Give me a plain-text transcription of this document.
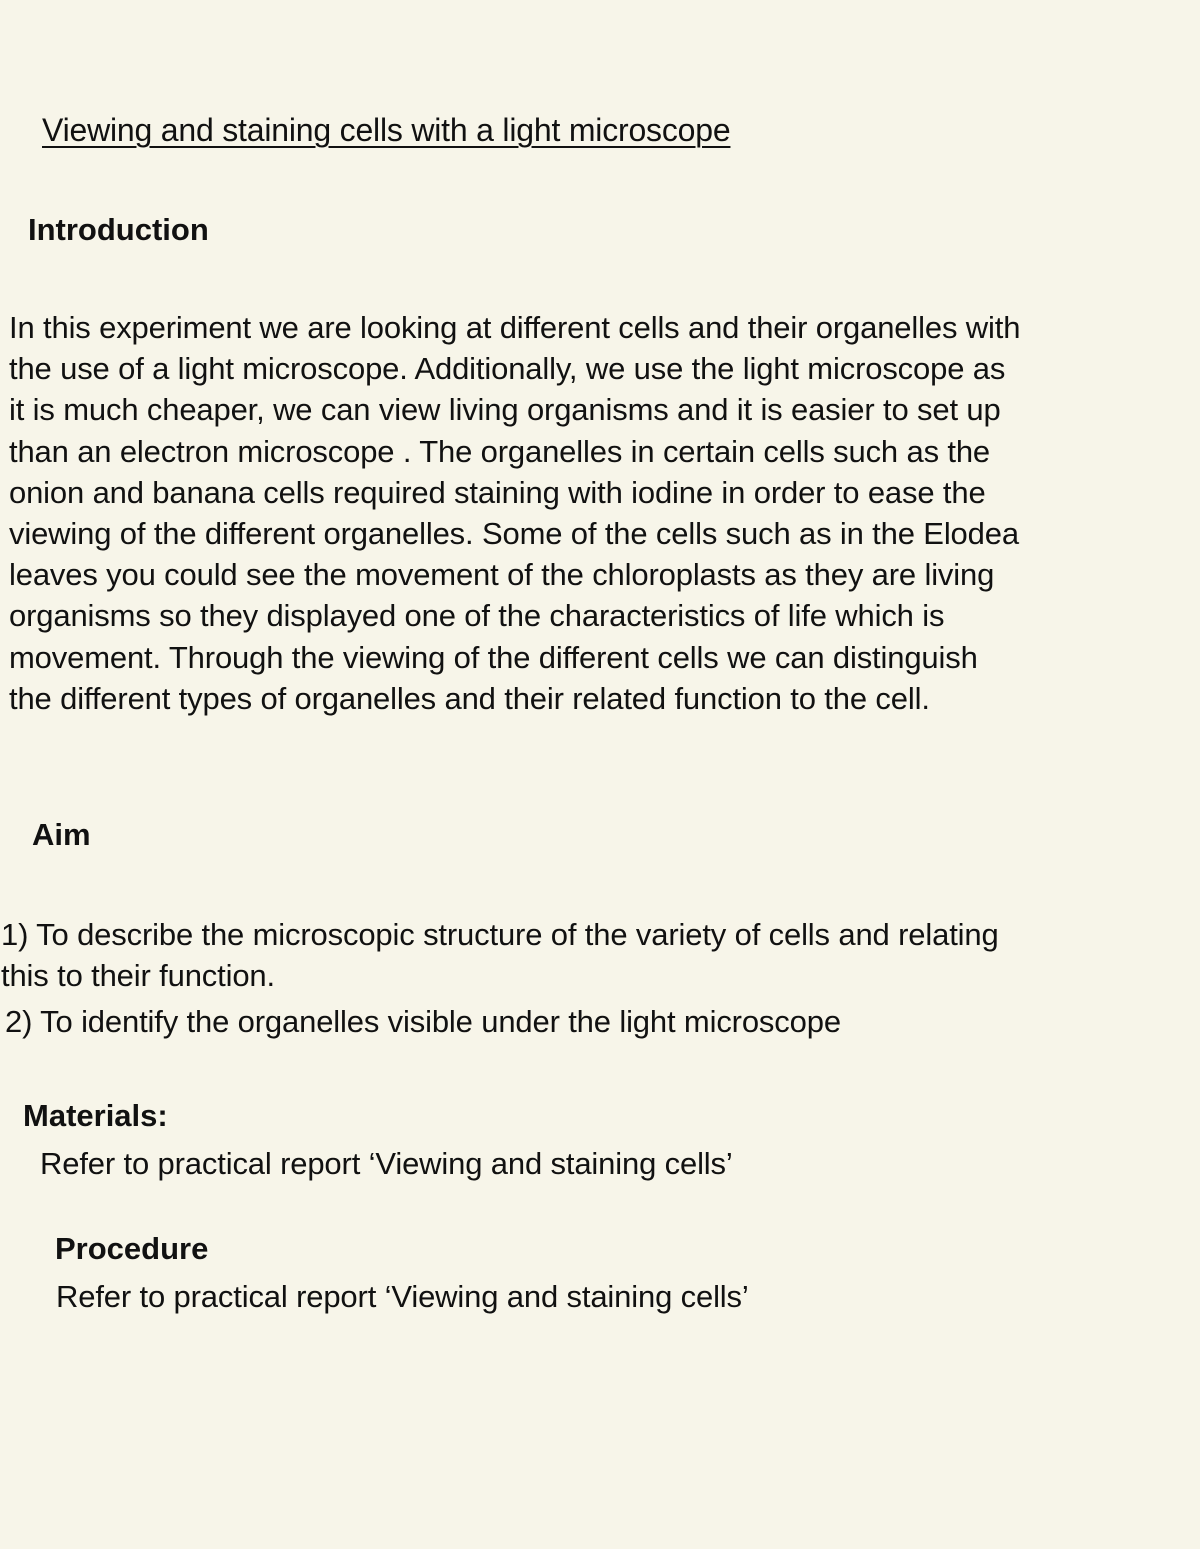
Viewing and staining cells with a light microscope
Introduction
In this experiment we are looking at different cells and their organelles with
the use of a light microscope. Additionally, we use the light microscope as
it is much cheaper, we can view living organisms and it is easier to set up
than an electron microscope . The organelles in certain cells such as the
onion and banana cells required staining with iodine in order to ease the
viewing of the different organelles. Some of the cells such as in the Elodea
leaves you could see the movement of the chloroplasts as they are living
organisms so they displayed one of the characteristics of life which is
movement. Through the viewing of the different cells we can distinguish
the different types of organelles and their related function to the cell.
Aim
1) To describe the microscopic structure of the variety of cells and relating
this to their function.
2) To identify the organelles visible under the light microscope
Materials:
Refer to practical report ‘Viewing and staining cells’
Procedure
Refer to practical report ‘Viewing and staining cells’
